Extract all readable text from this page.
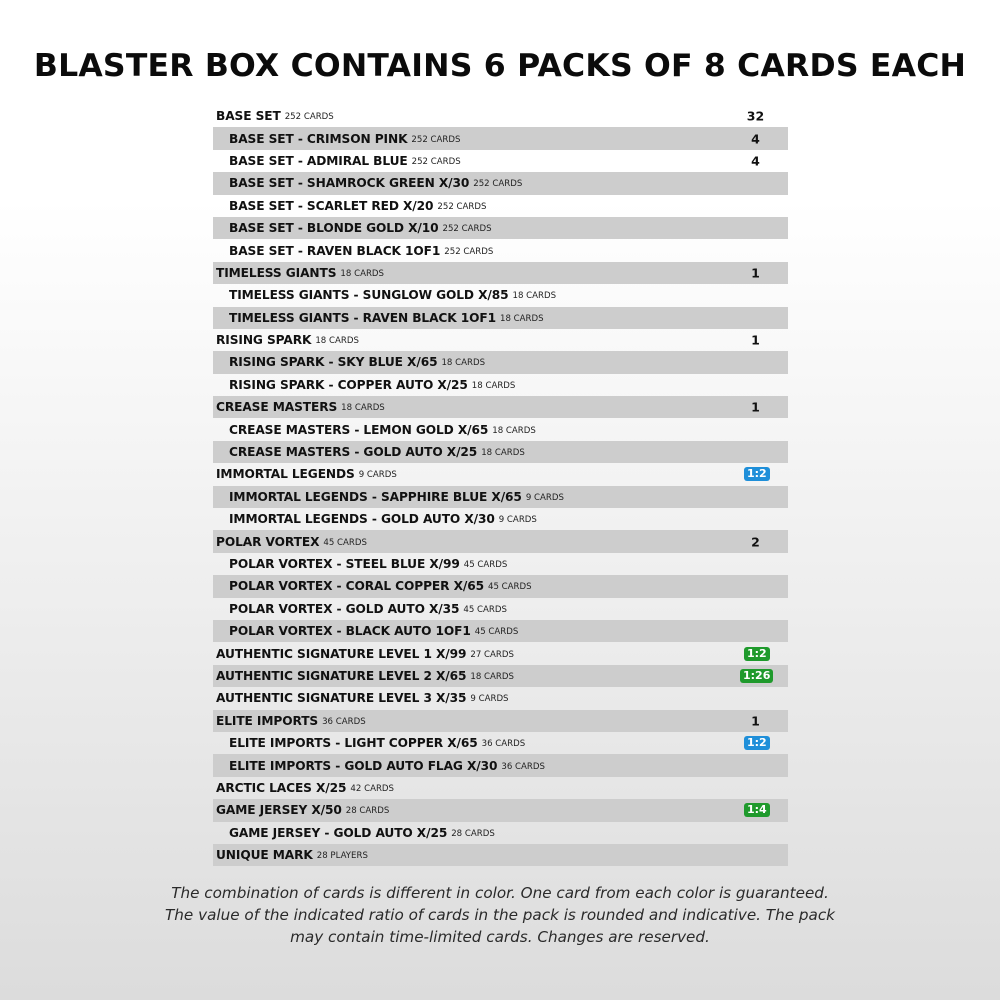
BLASTER BOX CONTAINS 6 PACKS OF 8 CARDS EACH
BASE SET 252 CARDS	32
BASE SET - CRIMSON PINK 252 CARDS	4
BASE SET - ADMIRAL BLUE 252 CARDS	4
BASE SET - SHAMROCK GREEN X/30 252 CARDS
BASE SET - SCARLET RED X/20 252 CARDS
BASE SET - BLONDE GOLD X/10 252 CARDS
BASE SET - RAVEN BLACK 1OF1 252 CARDS
TIMELESS GIANTS 18 CARDS	1
TIMELESS GIANTS - SUNGLOW GOLD X/85 18 CARDS
TIMELESS GIANTS - RAVEN BLACK 1OF1 18 CARDS
RISING SPARK 18 CARDS	1
RISING SPARK - SKY BLUE X/65 18 CARDS
RISING SPARK - COPPER AUTO X/25 18 CARDS
CREASE MASTERS 18 CARDS	1
CREASE MASTERS - LEMON GOLD X/65 18 CARDS
CREASE MASTERS - GOLD AUTO X/25 18 CARDS
IMMORTAL LEGENDS 9 CARDS	1:2
IMMORTAL LEGENDS - SAPPHIRE BLUE X/65 9 CARDS
IMMORTAL LEGENDS - GOLD AUTO X/30 9 CARDS
POLAR VORTEX 45 CARDS	2
POLAR VORTEX - STEEL BLUE X/99 45 CARDS
POLAR VORTEX - CORAL COPPER X/65 45 CARDS
POLAR VORTEX - GOLD AUTO X/35 45 CARDS
POLAR VORTEX - BLACK AUTO 1OF1 45 CARDS
AUTHENTIC SIGNATURE LEVEL 1 X/99 27 CARDS	1:2
AUTHENTIC SIGNATURE LEVEL 2 X/65 18 CARDS	1:26
AUTHENTIC SIGNATURE LEVEL 3 X/35 9 CARDS
ELITE IMPORTS 36 CARDS	1
ELITE IMPORTS - LIGHT COPPER X/65 36 CARDS	1:2
ELITE IMPORTS - GOLD AUTO FLAG X/30 36 CARDS
ARCTIC LACES X/25 42 CARDS
GAME JERSEY X/50 28 CARDS	1:4
GAME JERSEY - GOLD AUTO X/25 28 CARDS
UNIQUE MARK 28 PLAYERS
The combination of cards is different in color. One card from each color is guaranteed.
The value of the indicated ratio of cards in the pack is rounded and indicative. The pack
may contain time-limited cards. Changes are reserved.
